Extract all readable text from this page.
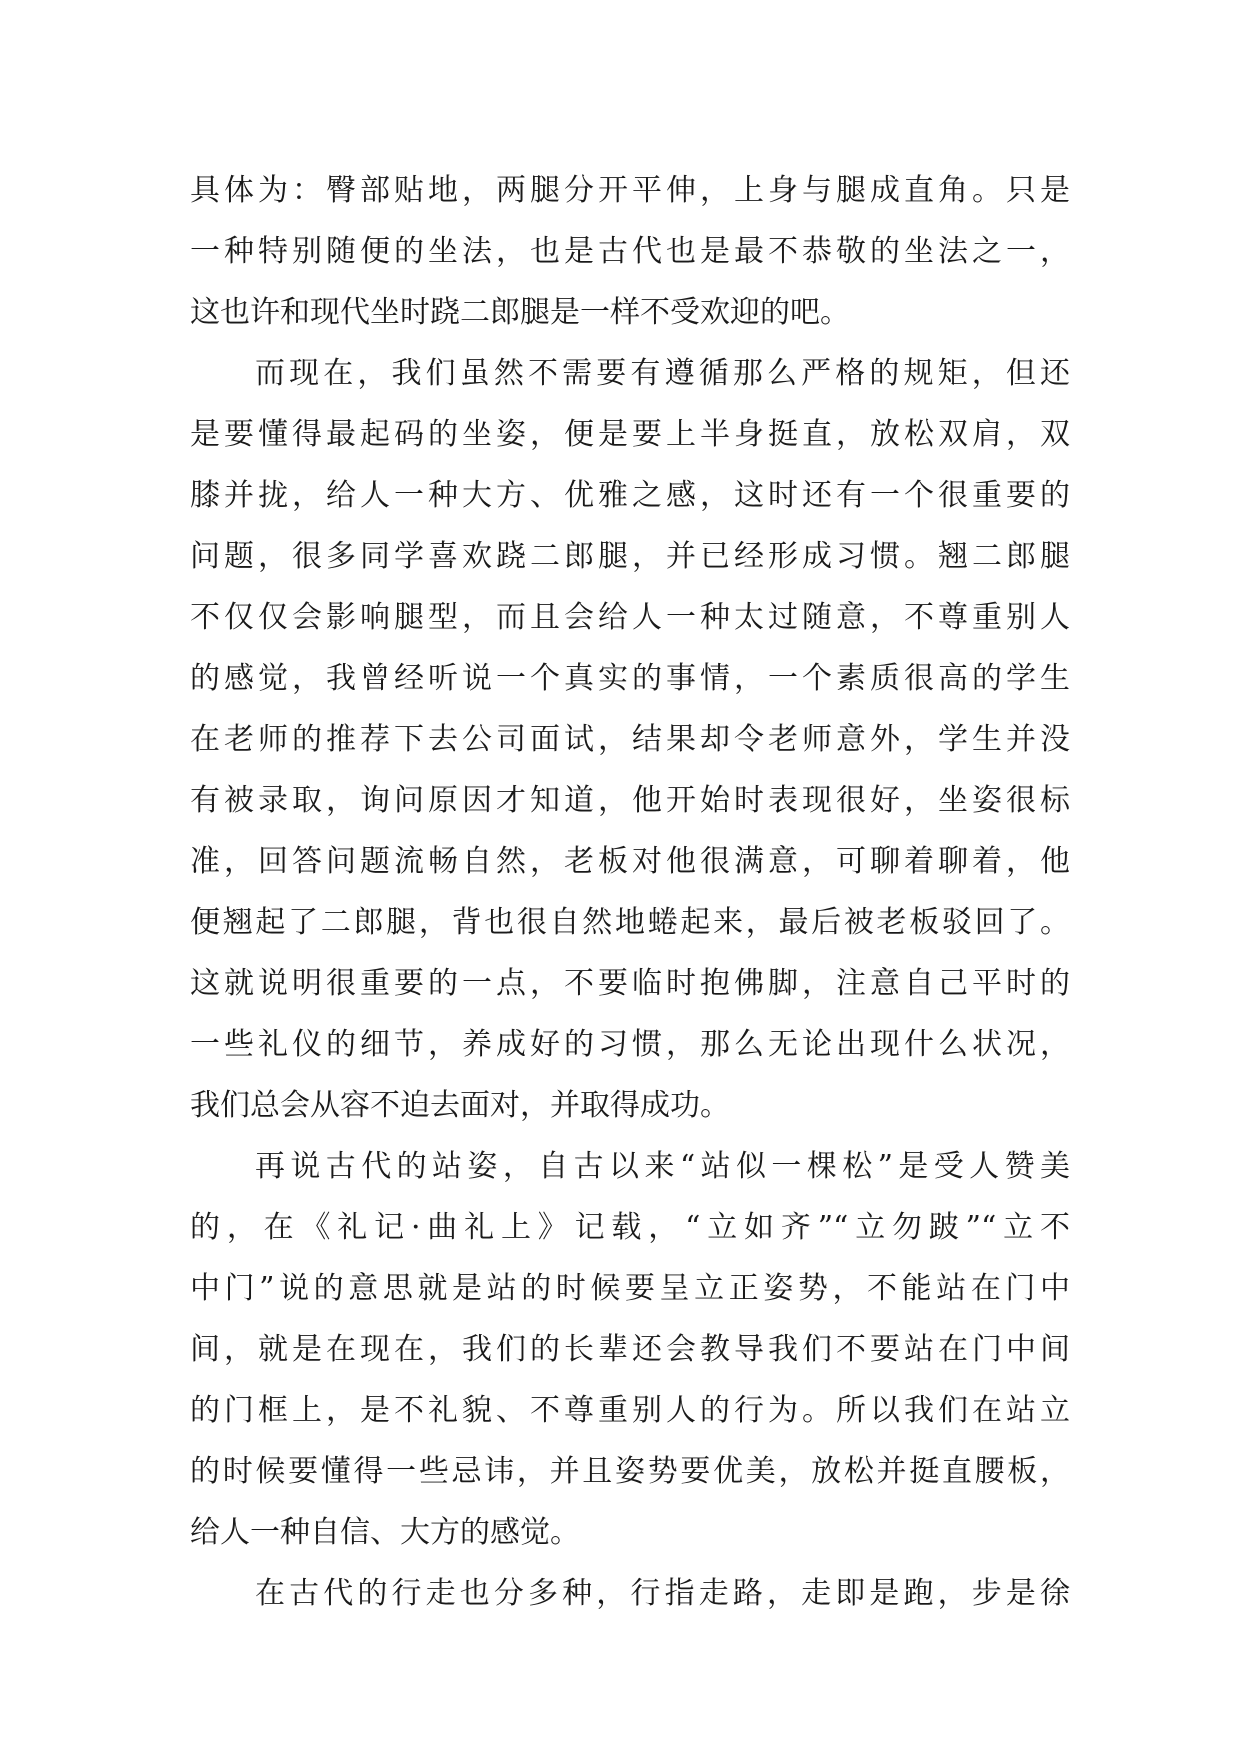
具体为：臀部贴地，两腿分开平伸，上身与腿成直角。只是
一种特别随便的坐法，也是古代也是最不恭敬的坐法之一，
这也许和现代坐时跷二郎腿是一样不受欢迎的吧。
而现在，我们虽然不需要有遵循那么严格的规矩，但还
是要懂得最起码的坐姿，便是要上半身挺直，放松双肩，双
膝并拢，给人一种大方、优雅之感，这时还有一个很重要的
问题，很多同学喜欢跷二郎腿，并已经形成习惯。翘二郎腿
不仅仅会影响腿型，而且会给人一种太过随意，不尊重别人
的感觉，我曾经听说一个真实的事情，一个素质很高的学生
在老师的推荐下去公司面试，结果却令老师意外，学生并没
有被录取，询问原因才知道，他开始时表现很好，坐姿很标
准，回答问题流畅自然，老板对他很满意，可聊着聊着，他
便翘起了二郎腿，背也很自然地蜷起来，最后被老板驳回了。
这就说明很重要的一点，不要临时抱佛脚，注意自己平时的
一些礼仪的细节，养成好的习惯，那么无论出现什么状况，
我们总会从容不迫去面对，并取得成功。
再说古代的站姿，自古以来“站似一棵松”是受人赞美
的，在《礼记·曲礼上》记载，“立如齐”“立勿跛”“立不
中门”说的意思就是站的时候要呈立正姿势，不能站在门中
间，就是在现在，我们的长辈还会教导我们不要站在门中间
的门框上，是不礼貌、不尊重别人的行为。所以我们在站立
的时候要懂得一些忌讳，并且姿势要优美，放松并挺直腰板，
给人一种自信、大方的感觉。
在古代的行走也分多种，行指走路，走即是跑，步是徐
